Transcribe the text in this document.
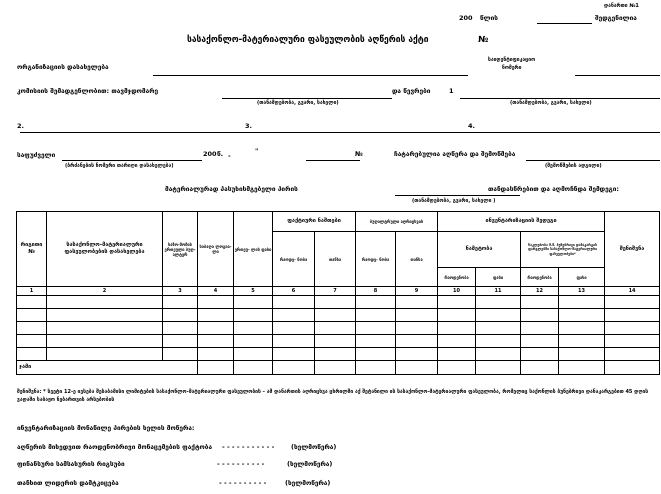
დანართი №1
200 წლის	შედგენილია
სასაქონლო-მატერიალური ფასეულობის აღწერის აქტი	№
ორგანიზაციის დასახელება
საიდენტიფიკაციო
ნომერი
კომისიის შემადგენლობით: თავმჯდომარე	და წევრები	1
(თანამდებობა, გვარი, სახელი)	(თანამდებობა, გვარი, სახელი)
2.	3.	4.
საფუძველი	200 წ. -
"	№	ჩატარებულია აღწერა და შემოწმება
(ბრძანების ნომერი თარიღი დასახელება)	(შემოწმების ადგილი)
მატერიალურად პასუხისმგებელი პირის	თანდასწრებით და აღმოჩნდა შემდეგი:
(თანამდებობა, გვარი, სახელი )
რიგითი №	სასაქონლო-მატერიალური ფასეულობების დასახელება	საზო-მომის ერთეული ბუღ- ალტერ	საბაღა ლოგია- ლი	ერთეუ- ლის ფასი	ფაქტიური ნაშთები		ბუღალტრული აღრიცხვის		ინვენტარიზაციის შედეგი				შენიშვნა
					რაოდე- ნობა	თანხა	რაოდე- ნობა	თანხა	ნამეტობა		ნაკლებობა მ.შ. ბუნებრივი დანაკარგის ფარგლებში სასაქონლო-მატერიალური ფასეულობები*		
									რაოდენობა	ფასი	რაოდენობა	ფასი	
1	2	3	4	5	6	7	8	9	10	11	12	13	14

ჯამი													
შენიშვნა: * სვეტი 12-ე ივსება შესაბამისი ლიმიტების სასაქონლო-მატერიალური ფასეულობის – ამ დანართის აღრიცხვა ცხრილში აქ შეტანილი ის სასაქონლო-მატერიალური ფასეულობა, რომელიც საქონლის ბუნებრივი დანაკარგებით 45 დღის ვადაში საბაჟო ნებართვის არსებობის
ინვენტარიზაციის მონაწილე პირების ხელის მოწერა:
აღწერის მიხედვით რაოდენობრივი მონაცემების ფაქტობა - - - - - - - - - - -	(ხელმოწერა)
ფინანსური სამსახურის რიგსუბი	- - - - - - - - - -	(ხელმოწერა)
თანხით ლიდერის დამტკიცება	- - - - - - - - - -	(ხელმოწერა)
